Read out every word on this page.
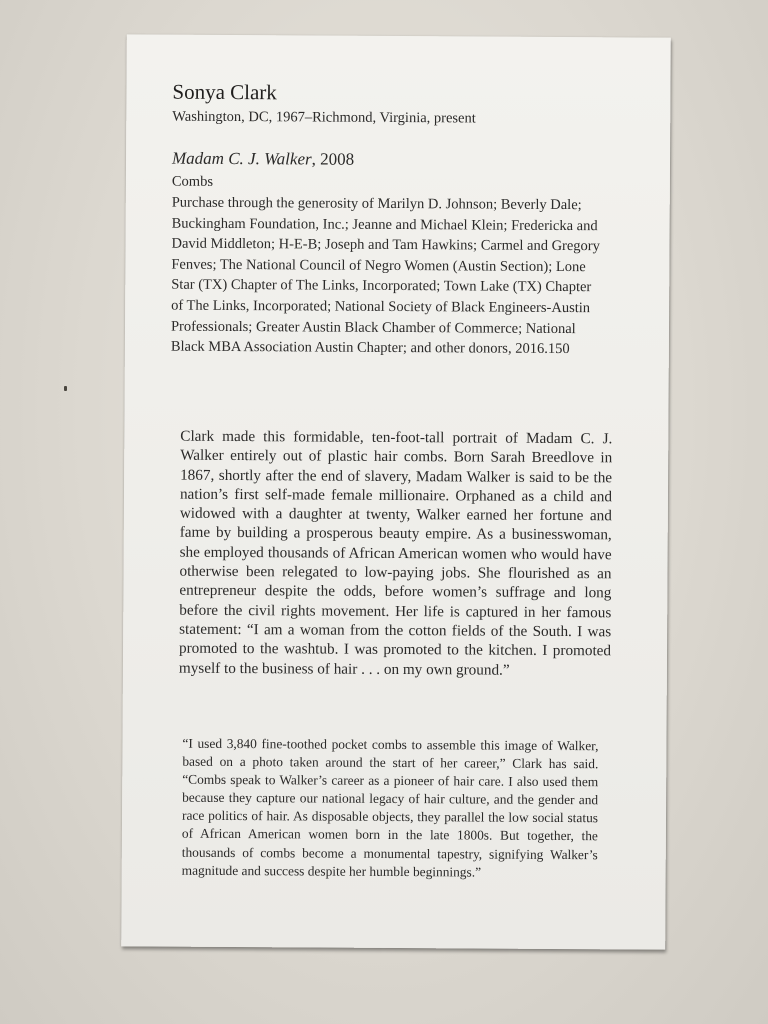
Sonya Clark
Washington, DC, 1967–Richmond, Virginia, present
Madam C. J. Walker, 2008
Combs

Purchase through the generosity of Marilyn D. Johnson; Beverly Dale; Buckingham Foundation, Inc.; Jeanne and Michael Klein; Fredericka and David Middleton; H-E-B; Joseph and Tam Hawkins; Carmel and Gregory Fenves; The National Council of Negro Women (Austin Section); Lone Star (TX) Chapter of The Links, Incorporated; Town Lake (TX) Chapter of The Links, Incorporated; National Society of Black Engineers-Austin Professionals; Greater Austin Black Chamber of Commerce; National Black MBA Association Austin Chapter; and other donors, 2016.150

Clark made this formidable, ten-foot-tall portrait of Madam C. J. Walker entirely out of plastic hair combs. Born Sarah Breedlove in 1867, shortly after the end of slavery, Madam Walker is said to be the nation’s first self-made female millionaire. Orphaned as a child and widowed with a daughter at twenty, Walker earned her fortune and fame by building a prosperous beauty empire. As a businesswoman, she employed thousands of African American women who would have otherwise been relegated to low-paying jobs. She flourished as an entrepreneur despite the odds, before women’s suffrage and long before the civil rights movement. Her life is captured in her famous statement: “I am a woman from the cotton fields of the South. I was promoted to the washtub. I was promoted to the kitchen. I promoted myself to the business of hair . . . on my own ground.”

“I used 3,840 fine-toothed pocket combs to assemble this image of Walker, based on a photo taken around the start of her career,” Clark has said. “Combs speak to Walker’s career as a pioneer of hair care. I also used them because they capture our national legacy of hair culture, and the gender and race politics of hair. As disposable objects, they parallel the low social status of African American women born in the late 1800s. But together, the thousands of combs become a monumental tapestry, signifying Walker’s magnitude and success despite her humble beginnings.”
